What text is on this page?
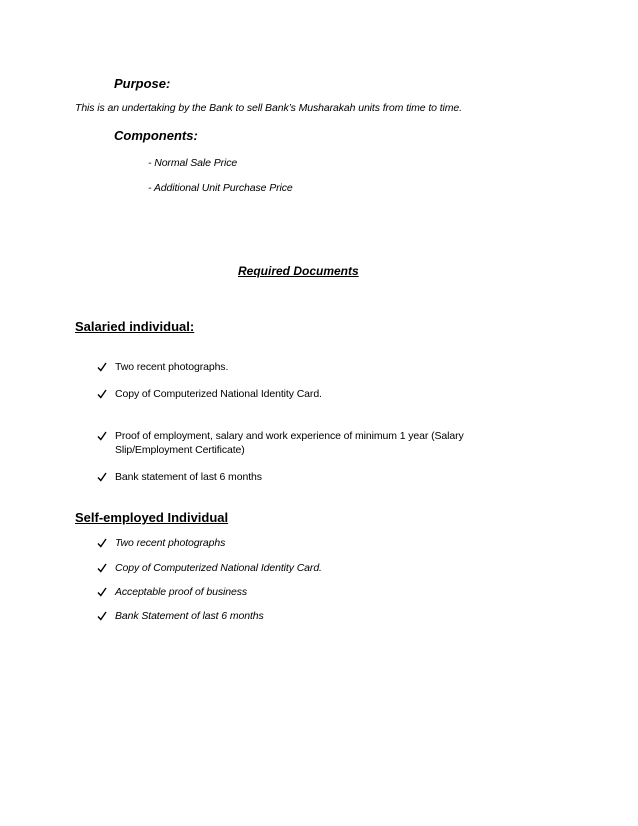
Purpose:
This is an undertaking by the Bank to sell Bank’s Musharakah units from time to time.
Components:
- Normal Sale Price
- Additional Unit Purchase Price
Required Documents
Salaried individual:
Two recent photographs.
Copy of Computerized National Identity Card.
Proof of employment, salary and work experience of minimum 1 year (Salary Slip/Employment Certificate)
Bank statement of last 6 months
Self-employed Individual
Two recent photographs
Copy of Computerized National Identity Card.
Acceptable proof of business
Bank Statement of last 6 months
